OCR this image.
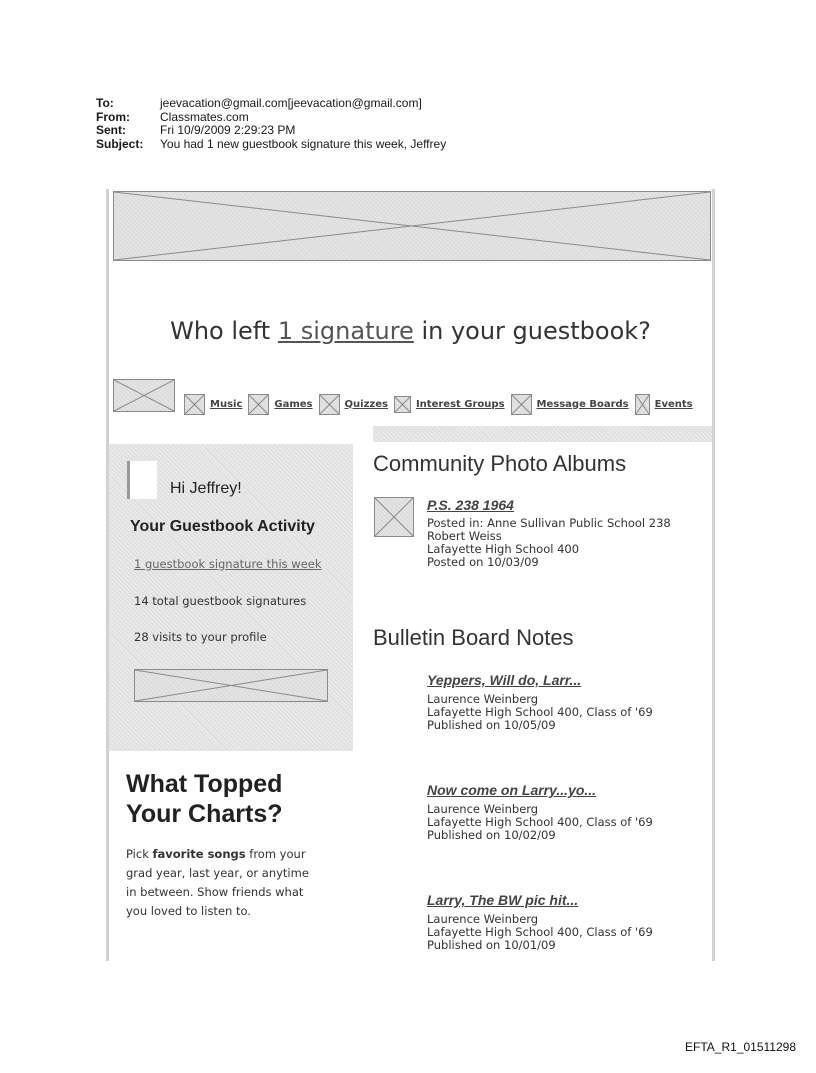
To:	jeevacation@gmail.com[jeevacation@gmail.com]
From:	Classmates.com
Sent:	Fri 10/9/2009 2:29:23 PM
Subject:	You had 1 new guestbook signature this week, Jeffrey
Who left 1 signature in your guestbook?
Music	Games	Quizzes	Interest Groups	Message Boards	Events
Hi Jeffrey!
Your Guestbook Activity
1 guestbook signature this week
14 total guestbook signatures
28 visits to your profile
What Topped
Your Charts?
Pick favorite songs from your
grad year, last year, or anytime
in between. Show friends what
you loved to listen to.
Community Photo Albums
P.S. 238 1964
Posted in: Anne Sullivan Public School 238
Robert Weiss
Lafayette High School 400
Posted on 10/03/09
Bulletin Board Notes
Yeppers, Will do, Larr...
Laurence Weinberg
Lafayette High School 400, Class of '69
Published on 10/05/09
Now come on Larry...yo...
Laurence Weinberg
Lafayette High School 400, Class of '69
Published on 10/02/09
Larry, The BW pic hit...
Laurence Weinberg
Lafayette High School 400, Class of '69
Published on 10/01/09
EFTA_R1_01511298
